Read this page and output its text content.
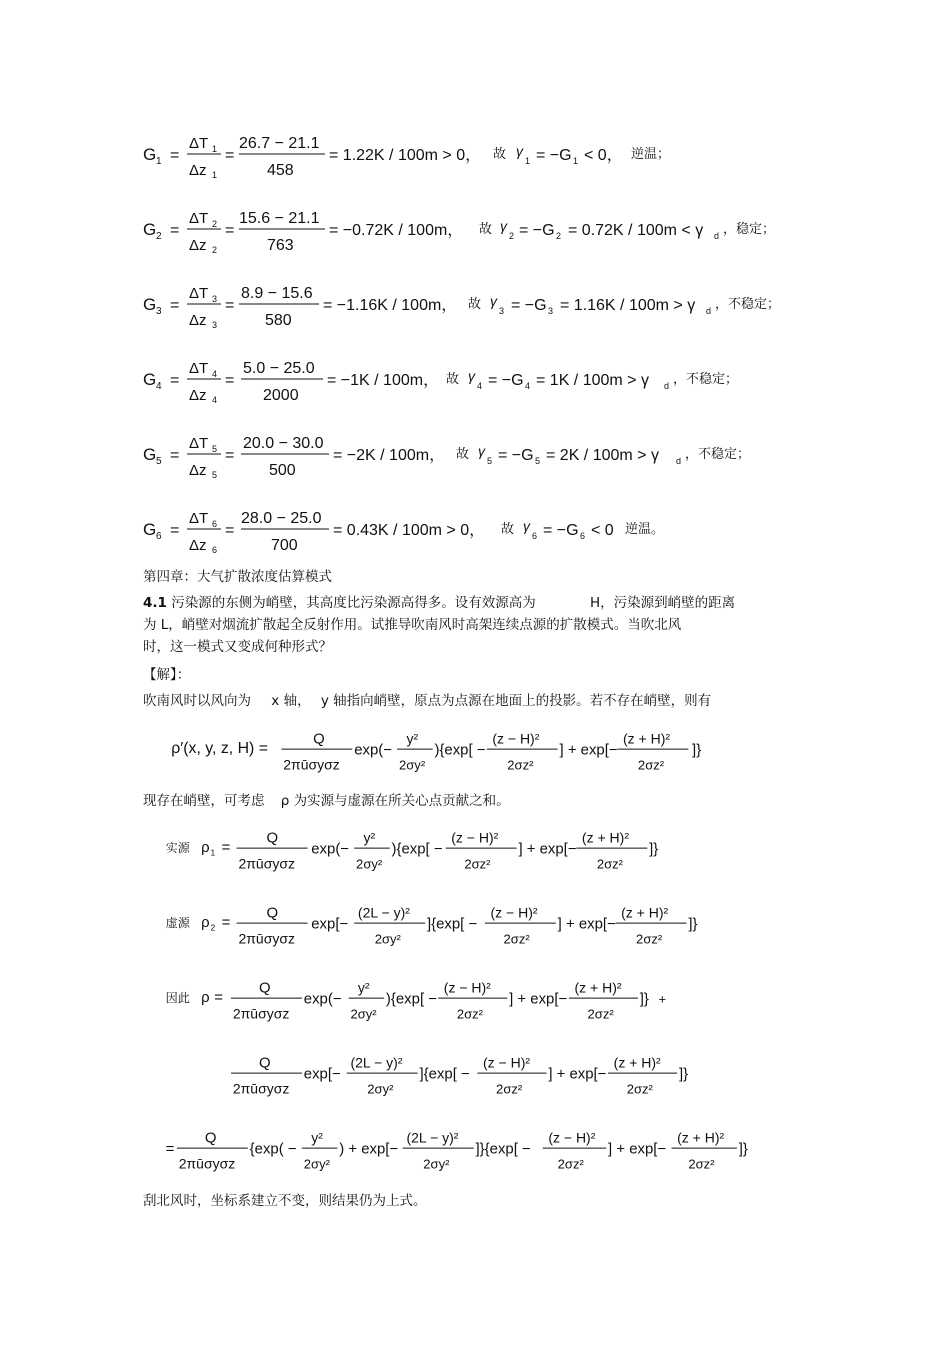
G 1 =
ΔT 1
Δz 1
=
26.7 − 21.1
458
= 1.22K / 100m > 0， 故 γ
1 = −G 1 < 0， 逆温；
G 2 =
ΔT 2
Δz 2
=
15.6 − 21.1
763
= −0.72K / 100m， 故 γ
2 = −G 2 = 0.72K / 100m < γ d ，稳定；
G 3 =
ΔT 3
Δz 3
=
8.9 − 15.6
580
= −1.16K / 100m， 故 γ
3 = −G 3 = 1.16K / 100m > γ d ，不稳定；
G 4 =
ΔT 4
Δz 4
=
5.0 − 25.0
2000
= −1K / 100m， 故 γ
4 = −G 4 = 1K / 100m > γ d ，不稳定；
G 5 =
ΔT 5
Δz 5
=
20.0 − 30.0
500
= −2K / 100m， 故 γ
5 = −G 5 = 2K / 100m > γ d ，不稳定；
G 6 =
ΔT 6
Δz 6
=
28.0 − 25.0
700
= 0.43K / 100m > 0， 故 γ
6 = −G 6 < 0 逆温。
第四章：大气扩散浓度估算模式
4.1 污染源的东侧为峭壁，其高度比污染源高得多。设有效源高为	H，污染源到峭壁的距离
为 L，峭壁对烟流扩散起全反射作用。试推导吹南风时高架连续点源的扩散模式。当吹北风
时，这一模式又变成何种形式？
【解】：
吹南风时以风向为 x 轴， y 轴指向峭壁，原点为点源在地面上的投影。若不存在峭壁，则有
ρ′(x, y, z, H) =
Q
2πūσyσz
exp(−
y²
2σy²
){exp[ −
(z − H)²
2σz²
] + exp[−
(z + H)²
2σz²
]}
现存在峭壁，可考虑 ρ 为实源与虚源在所关心点贡献之和。
实源 ρ 1 =
Q
2πūσyσz
exp(−
y²
2σy²
){exp[ −
(z − H)²
2σz²
] + exp[−
(z + H)²
2σz²
]}
虚源 ρ 2 =
Q
2πūσyσz
exp[−
(2L − y)²
2σy²
]{exp[ −
(z − H)²
2σz²
] + exp[−
(z + H)²
2σz²
]}
因此 ρ =
Q
2πūσyσz
exp(−
y²
2σy²
){exp[ −
(z − H)²
2σz²
] + exp[−
(z + H)²
2σz²
]} +
Q
2πūσyσz
exp[−
(2L − y)²
2σy²
]{exp[ −
(z − H)²
2σz²
] + exp[−
(z + H)²
2σz²
]}
=
Q
2πūσyσz
{exp( −
y²
2σy²
) + exp[−
(2L − y)²
2σy²
]}{exp[ −
(z − H)²
2σz²
] + exp[−
(z + H)²
2σz²
]}
刮北风时，坐标系建立不变，则结果仍为上式。
